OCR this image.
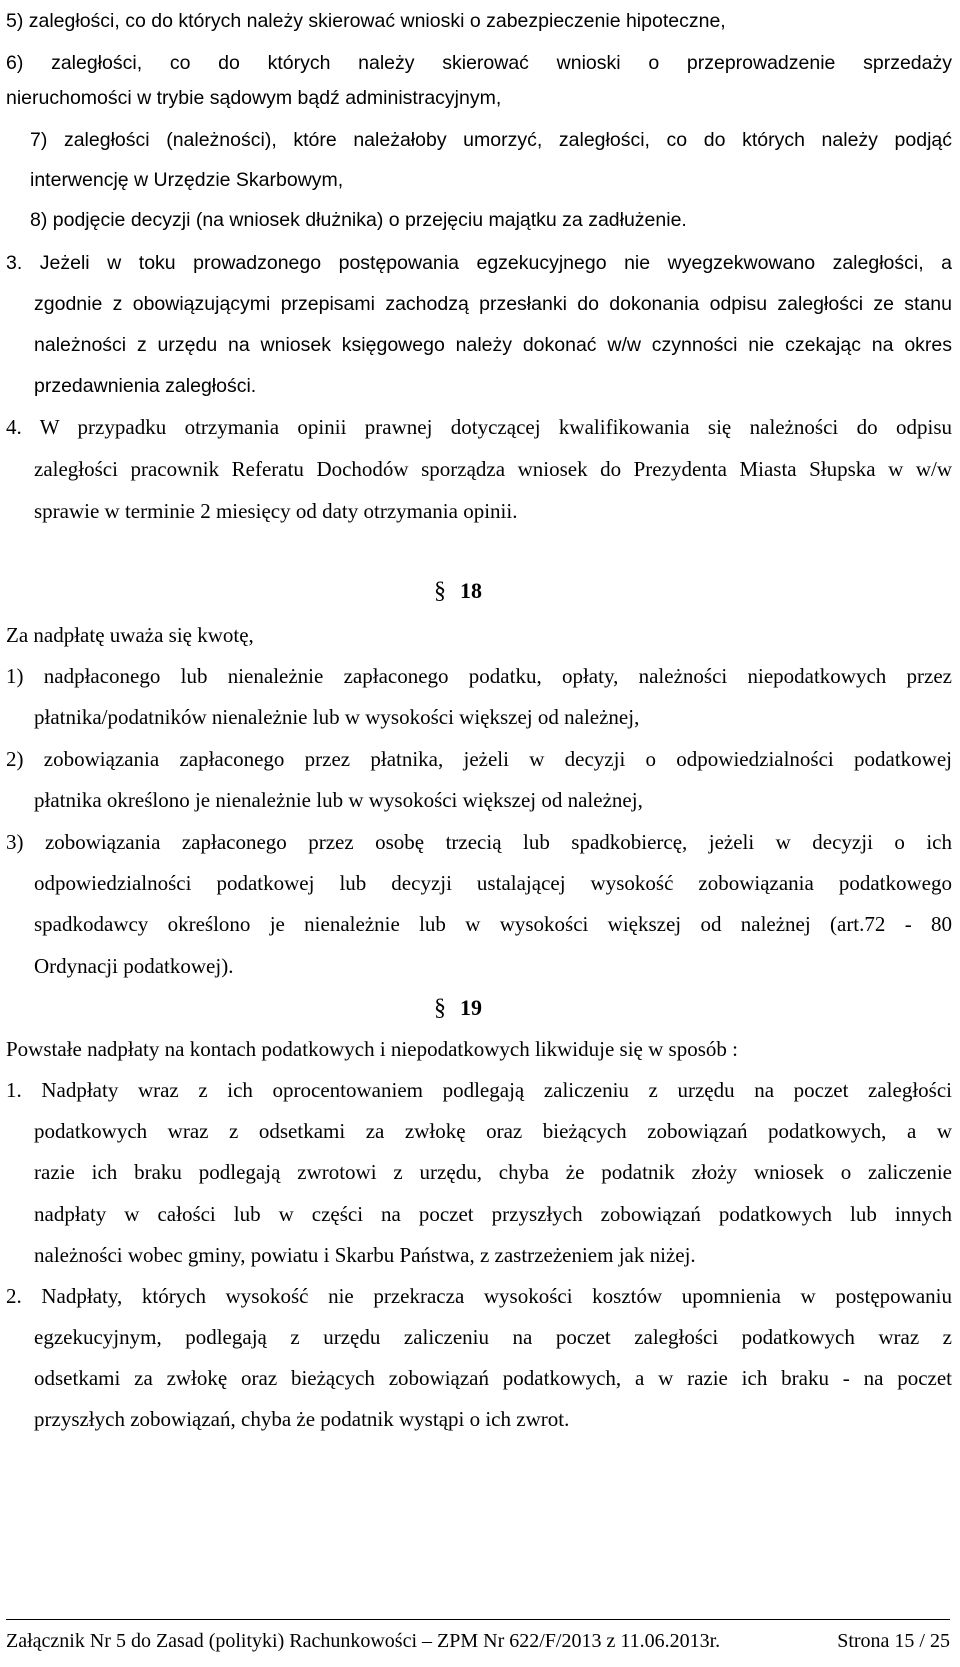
5) zaległości, co do których należy skierować wnioski o zabezpieczenie hipoteczne,
6) zaległości, co do których należy skierować wnioski o przeprowadzenie sprzedaży
nieruchomości w trybie sądowym bądź administracyjnym,
7) zaległości (należności), które należałoby umorzyć, zaległości, co do których należy podjąć
interwencję w Urzędzie Skarbowym,
8) podjęcie decyzji (na wniosek dłużnika) o przejęciu majątku za zadłużenie.
3. Jeżeli w toku prowadzonego postępowania egzekucyjnego nie wyegzekwowano zaległości, a
zgodnie z obowiązującymi przepisami zachodzą przesłanki do dokonania odpisu zaległości ze stanu
należności z urzędu na wniosek księgowego należy dokonać w/w czynności nie czekając na okres
przedawnienia zaległości.
4. W przypadku otrzymania opinii prawnej dotyczącej kwalifikowania się należności do odpisu
zaległości pracownik Referatu Dochodów sporządza wniosek do Prezydenta Miasta Słupska w w/w
sprawie w terminie 2 miesięcy od daty otrzymania opinii.
§ 18
Za nadpłatę uważa się kwotę,
1) nadpłaconego lub nienależnie zapłaconego podatku, opłaty, należności niepodatkowych przez
płatnika/podatników nienależnie lub w wysokości większej od należnej,
2) zobowiązania zapłaconego przez płatnika, jeżeli w decyzji o odpowiedzialności podatkowej
płatnika określono je nienależnie lub w wysokości większej od należnej,
3) zobowiązania zapłaconego przez osobę trzecią lub spadkobiercę, jeżeli w decyzji o ich
odpowiedzialności podatkowej lub decyzji ustalającej wysokość zobowiązania podatkowego
spadkodawcy określono je nienależnie lub w wysokości większej od należnej (art.72 - 80
Ordynacji podatkowej).
§ 19
Powstałe nadpłaty na kontach podatkowych i niepodatkowych likwiduje się w sposób :
1. Nadpłaty wraz z ich oprocentowaniem podlegają zaliczeniu z urzędu na poczet zaległości
podatkowych wraz z odsetkami za zwłokę oraz bieżących zobowiązań podatkowych, a w
razie ich braku podlegają zwrotowi z urzędu, chyba że podatnik złoży wniosek o zaliczenie
nadpłaty w całości lub w części na poczet przyszłych zobowiązań podatkowych lub innych
należności wobec gminy, powiatu i Skarbu Państwa, z zastrzeżeniem jak niżej.
2. Nadpłaty, których wysokość nie przekracza wysokości kosztów upomnienia w postępowaniu
egzekucyjnym, podlegają z urzędu zaliczeniu na poczet zaległości podatkowych wraz z
odsetkami za zwłokę oraz bieżących zobowiązań podatkowych, a w razie ich braku - na poczet
przyszłych zobowiązań, chyba że podatnik wystąpi o ich zwrot.
Załącznik Nr 5 do Zasad (polityki) Rachunkowości – ZPM Nr 622/F/2013 z 11.06.2013r.	Strona 15 / 25
